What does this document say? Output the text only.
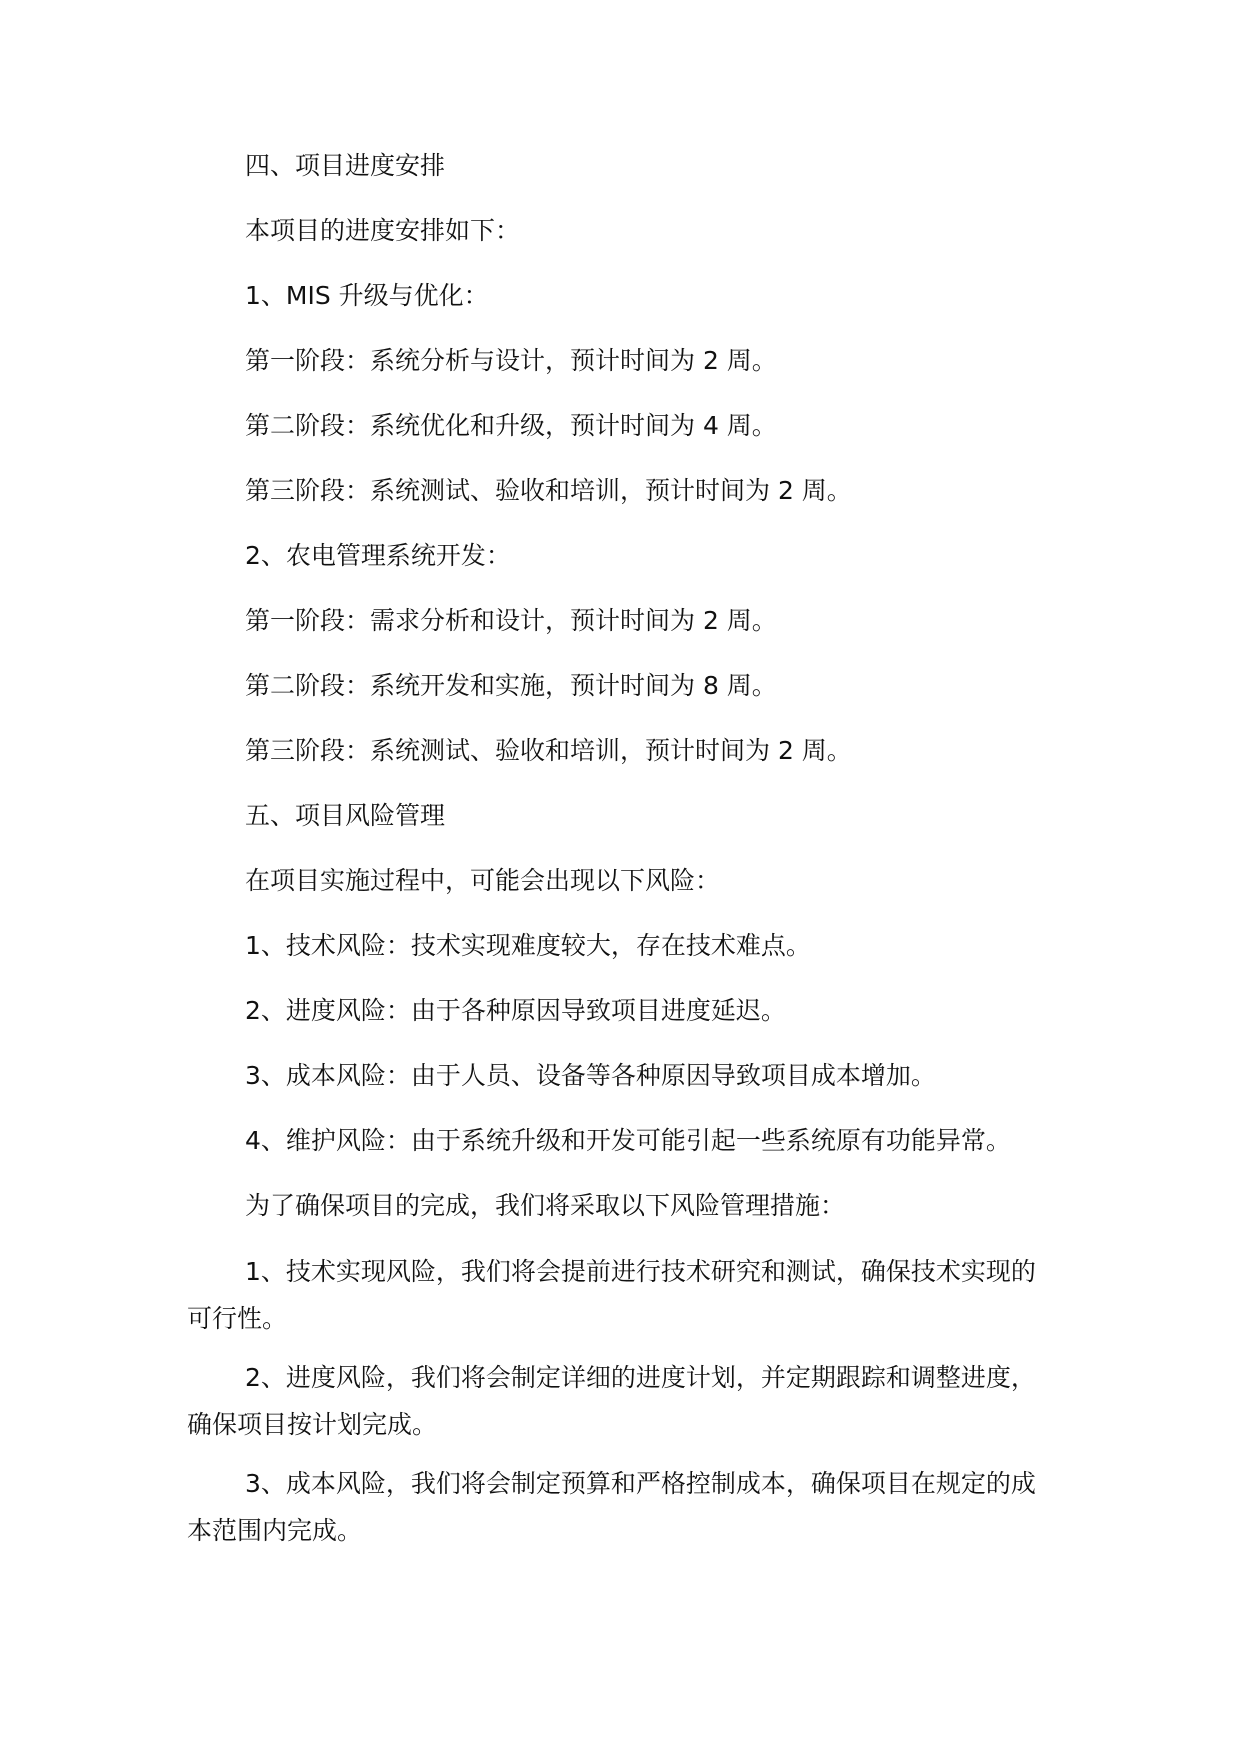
四、项目进度安排

本项目的进度安排如下：

1、MIS 升级与优化：

第一阶段：系统分析与设计，预计时间为 2 周。

第二阶段：系统优化和升级，预计时间为 4 周。

第三阶段：系统测试、验收和培训，预计时间为 2 周。

2、农电管理系统开发：

第一阶段：需求分析和设计，预计时间为 2 周。

第二阶段：系统开发和实施，预计时间为 8 周。

第三阶段：系统测试、验收和培训，预计时间为 2 周。

五、项目风险管理

在项目实施过程中，可能会出现以下风险：

1、技术风险：技术实现难度较大，存在技术难点。

2、进度风险：由于各种原因导致项目进度延迟。

3、成本风险：由于人员、设备等各种原因导致项目成本增加。

4、维护风险：由于系统升级和开发可能引起一些系统原有功能异常。

为了确保项目的完成，我们将采取以下风险管理措施：

1、技术实现风险，我们将会提前进行技术研究和测试，确保技术实现的可行性。

2、进度风险，我们将会制定详细的进度计划，并定期跟踪和调整进度，确保项目按计划完成。

3、成本风险，我们将会制定预算和严格控制成本，确保项目在规定的成本范围内完成。
